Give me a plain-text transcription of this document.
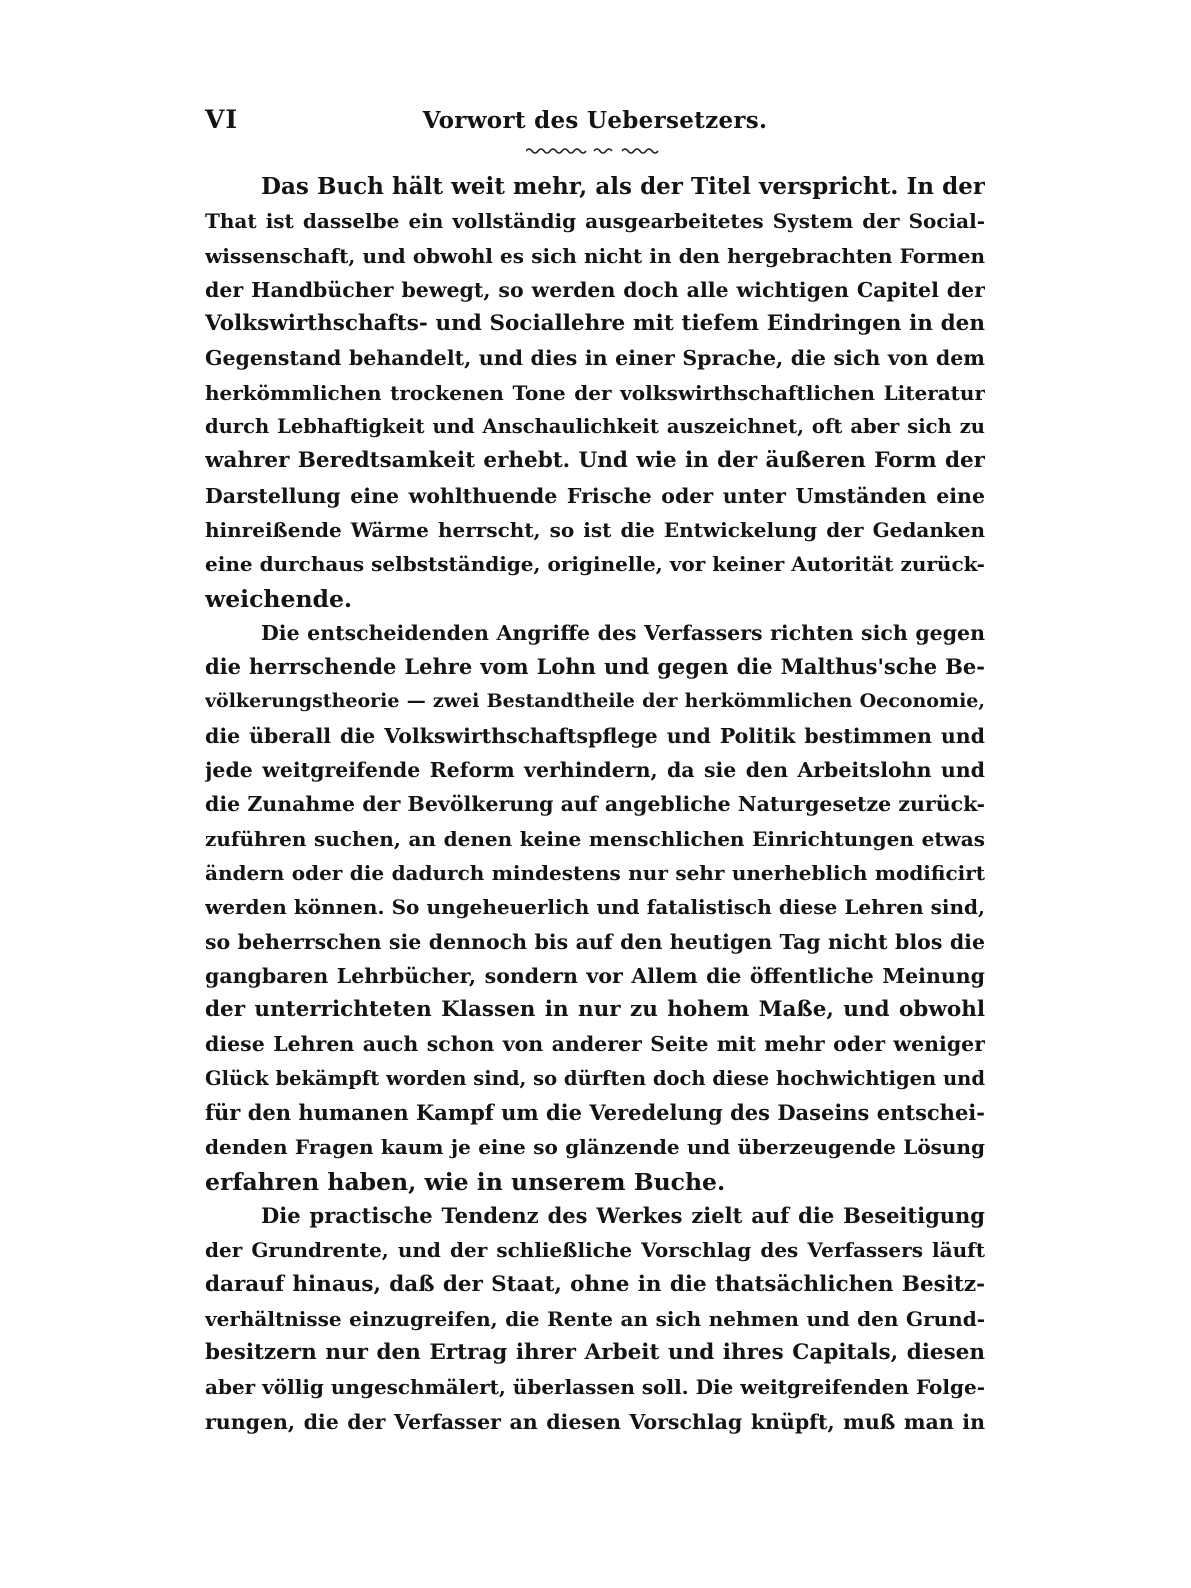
VI	Vorwort des Uebersetzers.
Das Buch hält weit mehr, als der Titel verspricht. In der
That ist dasselbe ein vollständig ausgearbeitetes System der Social-
wissenschaft, und obwohl es sich nicht in den hergebrachten Formen
der Handbücher bewegt, so werden doch alle wichtigen Capitel der
Volkswirthschafts- und Sociallehre mit tiefem Eindringen in den
Gegenstand behandelt, und dies in einer Sprache, die sich von dem
herkömmlichen trockenen Tone der volkswirthschaftlichen Literatur
durch Lebhaftigkeit und Anschaulichkeit auszeichnet, oft aber sich zu
wahrer Beredtsamkeit erhebt. Und wie in der äußeren Form der
Darstellung eine wohlthuende Frische oder unter Umständen eine
hinreißende Wärme herrscht, so ist die Entwickelung der Gedanken
eine durchaus selbstständige, originelle, vor keiner Autorität zurück-
weichende.
Die entscheidenden Angriffe des Verfassers richten sich gegen
die herrschende Lehre vom Lohn und gegen die Malthus'sche Be-
völkerungstheorie — zwei Bestandtheile der herkömmlichen Oeconomie,
die überall die Volkswirthschaftspflege und Politik bestimmen und
jede weitgreifende Reform verhindern, da sie den Arbeitslohn und
die Zunahme der Bevölkerung auf angebliche Naturgesetze zurück-
zuführen suchen, an denen keine menschlichen Einrichtungen etwas
ändern oder die dadurch mindestens nur sehr unerheblich modificirt
werden können. So ungeheuerlich und fatalistisch diese Lehren sind,
so beherrschen sie dennoch bis auf den heutigen Tag nicht blos die
gangbaren Lehrbücher, sondern vor Allem die öffentliche Meinung
der unterrichteten Klassen in nur zu hohem Maße, und obwohl
diese Lehren auch schon von anderer Seite mit mehr oder weniger
Glück bekämpft worden sind, so dürften doch diese hochwichtigen und
für den humanen Kampf um die Veredelung des Daseins entschei-
denden Fragen kaum je eine so glänzende und überzeugende Lösung
erfahren haben, wie in unserem Buche.
Die practische Tendenz des Werkes zielt auf die Beseitigung
der Grundrente, und der schließliche Vorschlag des Verfassers läuft
darauf hinaus, daß der Staat, ohne in die thatsächlichen Besitz-
verhältnisse einzugreifen, die Rente an sich nehmen und den Grund-
besitzern nur den Ertrag ihrer Arbeit und ihres Capitals, diesen
aber völlig ungeschmälert, überlassen soll. Die weitgreifenden Folge-
rungen, die der Verfasser an diesen Vorschlag knüpft, muß man in
